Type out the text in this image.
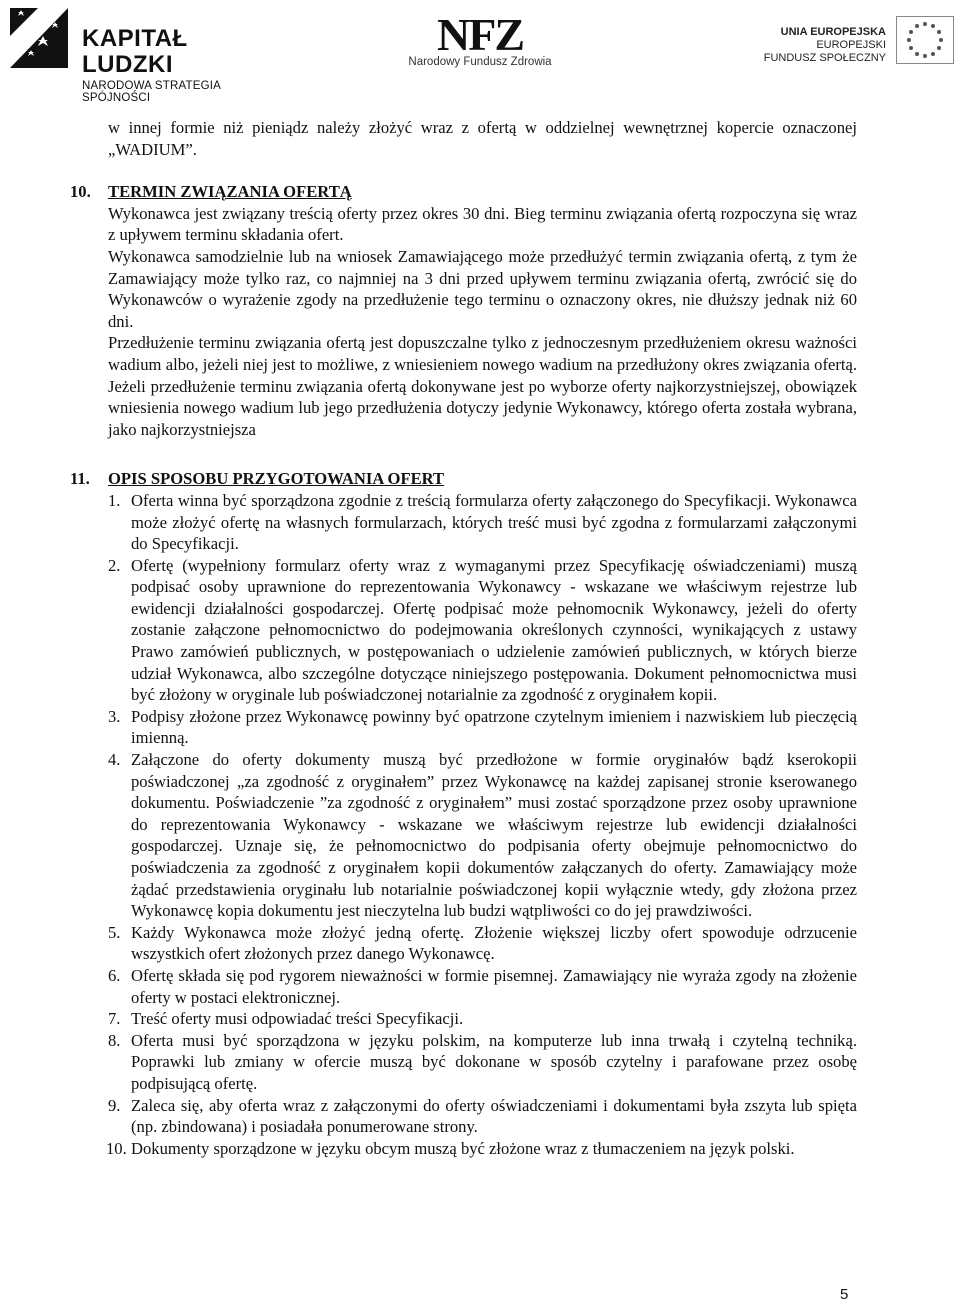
KAPITAŁ LUDZKI
NARODOWA STRATEGIA SPÓJNOŚCI
NFZ
Narodowy Fundusz Zdrowia
UNIA EUROPEJSKA
EUROPEJSKI
FUNDUSZ SPOŁECZNY

w innej formie niż pieniądz należy złożyć wraz z ofertą w oddzielnej wewnętrznej kopercie oznaczonej „WADIUM”.

10. TERMIN ZWIĄZANIA OFERTĄ

Wykonawca jest związany treścią oferty przez okres 30 dni. Bieg terminu związania ofertą rozpoczyna się wraz z upływem terminu składania ofert.

Wykonawca samodzielnie lub na wniosek Zamawiającego może przedłużyć termin związania ofertą, z tym że Zamawiający może tylko raz, co najmniej na 3 dni przed upływem terminu związania ofertą, zwrócić się do Wykonawców o wyrażenie zgody na przedłużenie tego terminu o oznaczony okres, nie dłuższy jednak niż 60 dni.

Przedłużenie terminu związania ofertą jest dopuszczalne tylko z jednoczesnym przedłużeniem okresu ważności wadium albo, jeżeli niej jest to możliwe, z wniesieniem nowego wadium na przedłużony okres związania ofertą. Jeżeli przedłużenie terminu związania ofertą dokonywane jest po wyborze oferty najkorzystniejszej, obowiązek wniesienia nowego wadium lub jego przedłużenia dotyczy jedynie Wykonawcy, którego oferta została wybrana, jako najkorzystniejsza

11. OPIS SPOSOBU PRZYGOTOWANIA OFERT
1. Oferta winna być sporządzona zgodnie z treścią formularza oferty załączonego do Specyfikacji. Wykonawca może złożyć ofertę na własnych formularzach, których treść musi być zgodna z formularzami załączonymi do Specyfikacji.
2. Ofertę (wypełniony formularz oferty wraz z wymaganymi przez Specyfikację oświadczeniami) muszą podpisać osoby uprawnione do reprezentowania Wykonawcy - wskazane we właściwym rejestrze lub ewidencji działalności gospodarczej. Ofertę podpisać może pełnomocnik Wykonawcy, jeżeli do oferty zostanie załączone pełnomocnictwo do podejmowania określonych czynności, wynikających z ustawy Prawo zamówień publicznych, w postępowaniach o udzielenie zamówień publicznych, w których bierze udział Wykonawca, albo szczególne dotyczące niniejszego postępowania. Dokument pełnomocnictwa musi być złożony w oryginale lub poświadczonej notarialnie za zgodność z oryginałem kopii.
3. Podpisy złożone przez Wykonawcę powinny być opatrzone czytelnym imieniem i nazwiskiem lub pieczęcią imienną.
4. Załączone do oferty dokumenty muszą być przedłożone w formie oryginałów bądź kserokopii poświadczonej „za zgodność z oryginałem” przez Wykonawcę na każdej zapisanej stronie kserowanego dokumentu. Poświadczenie ”za zgodność z oryginałem” musi zostać sporządzone przez osoby uprawnione do reprezentowania Wykonawcy - wskazane we właściwym rejestrze lub ewidencji działalności gospodarczej. Uznaje się, że pełnomocnictwo do podpisania oferty obejmuje pełnomocnictwo do poświadczenia za zgodność z oryginałem kopii dokumentów załączanych do oferty. Zamawiający może żądać przedstawienia oryginału lub notarialnie poświadczonej kopii wyłącznie wtedy, gdy złożona przez Wykonawcę kopia dokumentu jest nieczytelna lub budzi wątpliwości co do jej prawdziwości.
5. Każdy Wykonawca może złożyć jedną ofertę. Złożenie większej liczby ofert spowoduje odrzucenie wszystkich ofert złożonych przez danego Wykonawcę.
6. Ofertę składa się pod rygorem nieważności w formie pisemnej. Zamawiający nie wyraża zgody na złożenie oferty w postaci elektronicznej.
7. Treść oferty musi odpowiadać treści Specyfikacji.
8. Oferta musi być sporządzona w języku polskim, na komputerze lub inna trwałą i czytelną techniką. Poprawki lub zmiany w ofercie muszą być dokonane w sposób czytelny i parafowane przez osobę podpisującą ofertę.
9. Zaleca się, aby oferta wraz z załączonymi do oferty oświadczeniami i dokumentami była zszyta lub spięta (np. zbindowana) i posiadała ponumerowane strony.
10. Dokumenty sporządzone w języku obcym muszą być złożone wraz z tłumaczeniem na język polski.
5
